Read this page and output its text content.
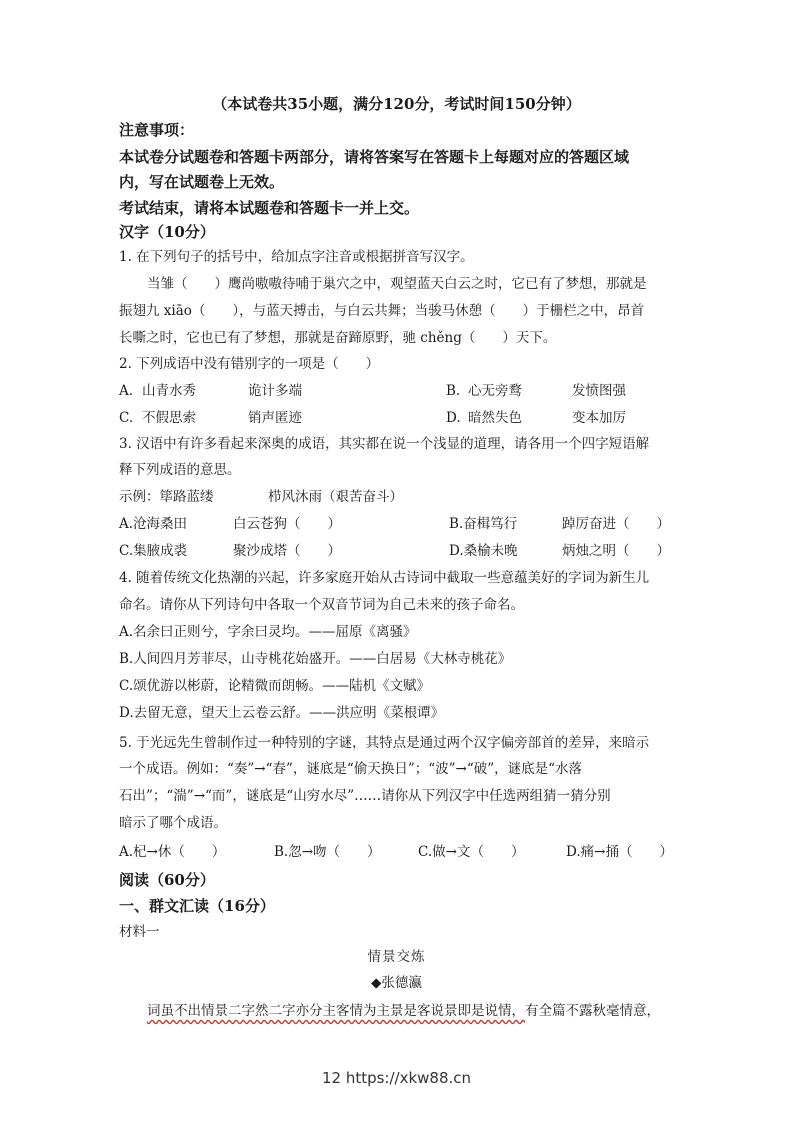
（本试卷共35小题，满分120分，考试时间150分钟）
注意事项：
本试卷分试题卷和答题卡两部分，请将答案写在答题卡上每题对应的答题区域
内，写在试题卷上无效。
考试结束，请将本试题卷和答题卡一并上交。
汉字（10分）
1. 在下列句子的括号中，给加点字注音或根据拼音写汉字。
当雏（　　）鹰尚嗷嗷待哺于巢穴之中，观望蓝天白云之时，它已有了梦想，那就是
振翅九 xiāo（　　），与蓝天搏击，与白云共舞；当骏马休憩（　　）于栅栏之中，昂首
长嘶之时，它也已有了梦想，那就是奋蹄原野，驰 chěng（　　）天下。
2. 下列成语中没有错别字的一项是（　　）
A. 山青水秀	诡计多端	B. 心无旁鹜	发愤图强
C. 不假思索	销声匿迹	D. 暗然失色	变本加厉
3. 汉语中有许多看起来深奥的成语，其实都在说一个浅显的道理，请各用一个四字短语解
释下列成语的意思。
示例：筚路蓝缕	栉风沐雨（艰苦奋斗）
A.沧海桑田	白云苍狗（　　）	B.奋楫笃行	踔厉奋进（　　）
C.集腋成裘	聚沙成塔（　　）	D.桑榆未晚	炳烛之明（　　）
4. 随着传统文化热潮的兴起，许多家庭开始从古诗词中截取一些意蕴美好的字词为新生儿
命名。请你从下列诗句中各取一个双音节词为自己未来的孩子命名。
A.名余曰正则兮，字余曰灵均。——屈原《离骚》
B.人间四月芳菲尽，山寺桃花始盛开。——白居易《大林寺桃花》
C.颂优游以彬蔚，论精微而朗畅。——陆机《文赋》
D.去留无意，望天上云卷云舒。——洪应明《菜根谭》
5. 于光远先生曾制作过一种特别的字谜，其特点是通过两个汉字偏旁部首的差异，来暗示
一个成语。例如：“奏”→“春”，谜底是“偷天换日”；“波”→“破”，谜底是“水落
石出”；“湍”→“而”，谜底是“山穷水尽”……请你从下列汉字中任选两组猜一猜分别
暗示了哪个成语。
A.杞→休（　　）	B.忽→吻（　　）	C.做→文（　　）	D.痛→捅（　　）
阅读（60分）
一、群文汇读（16分）
材料一
情景交炼
◆张德瀛
词虽不出情景二字然二字亦分主客情为主景是客说景即是说情，有全篇不露秋毫情意，
12 https://xkw88.cn
